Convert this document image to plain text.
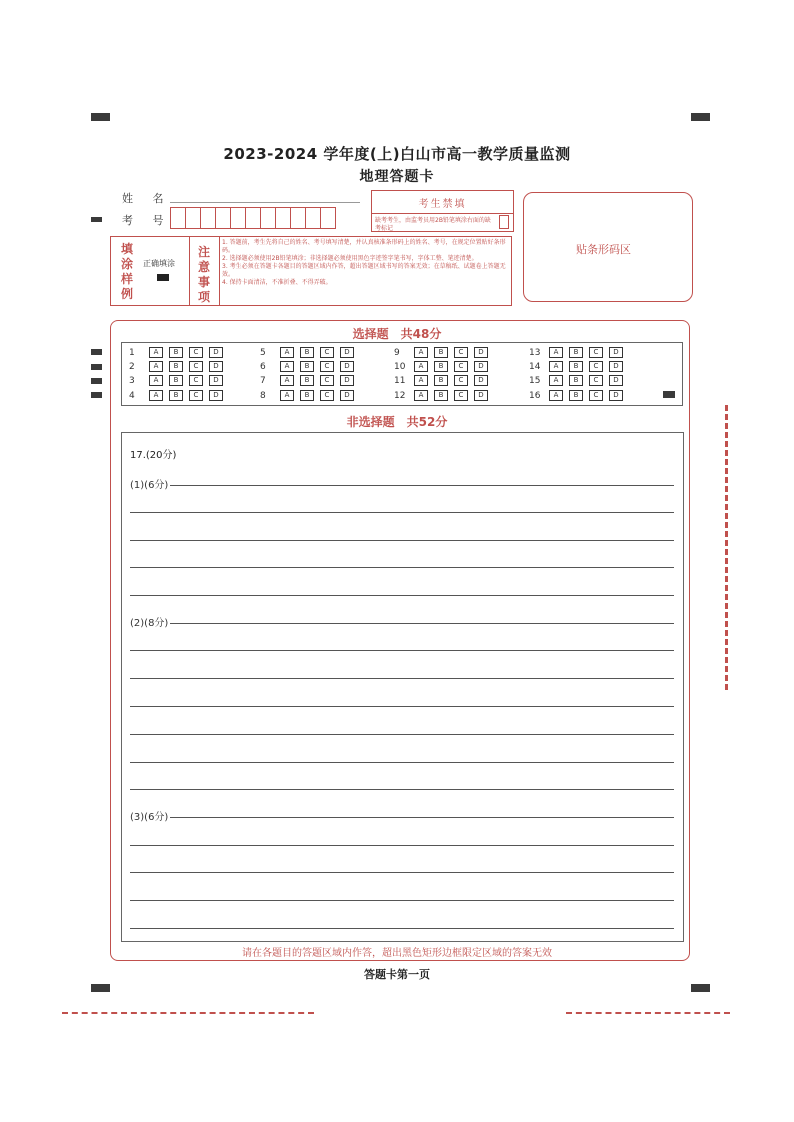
2023-2024 学年度(上)白山市高一教学质量监测
地理答题卡
姓 名
考 号
考生禁填
缺考考生，由监考员用2B铅笔填涂右面的缺考标记
贴条形码区
填涂样例
正确填涂
注意事项
1. 答题前，考生先将自己的姓名、考号填写清楚，并认真核准条形码上的姓名、考号，在规定位置贴好条形码。
2. 选择题必须使用2B铅笔填涂；非选择题必须使用黑色字迹签字笔书写，字体工整、笔迹清楚。
3. 考生必须在答题卡各题目的答题区域内作答，超出答题区域书写的答案无效；在草稿纸、试题卷上答题无效。
4. 保持卡面清洁，不准折叠、不得弄破。
选择题　共48分
1	A B C D
2	A B C D
3	A B C D
4	A B C D
5	A B C D
6	A B C D
7	A B C D
8	A B C D
9	A B C D
10 A B C D
11 A B C D
12 A B C D
13 A B C D
14 A B C D
15 A B C D
16 A B C D
非选择题　共52分
17.(20分)
(1)(6分)
(2)(8分)
(3)(6分)
请在各题目的答题区域内作答，超出黑色矩形边框限定区域的答案无效
答题卡第一页
